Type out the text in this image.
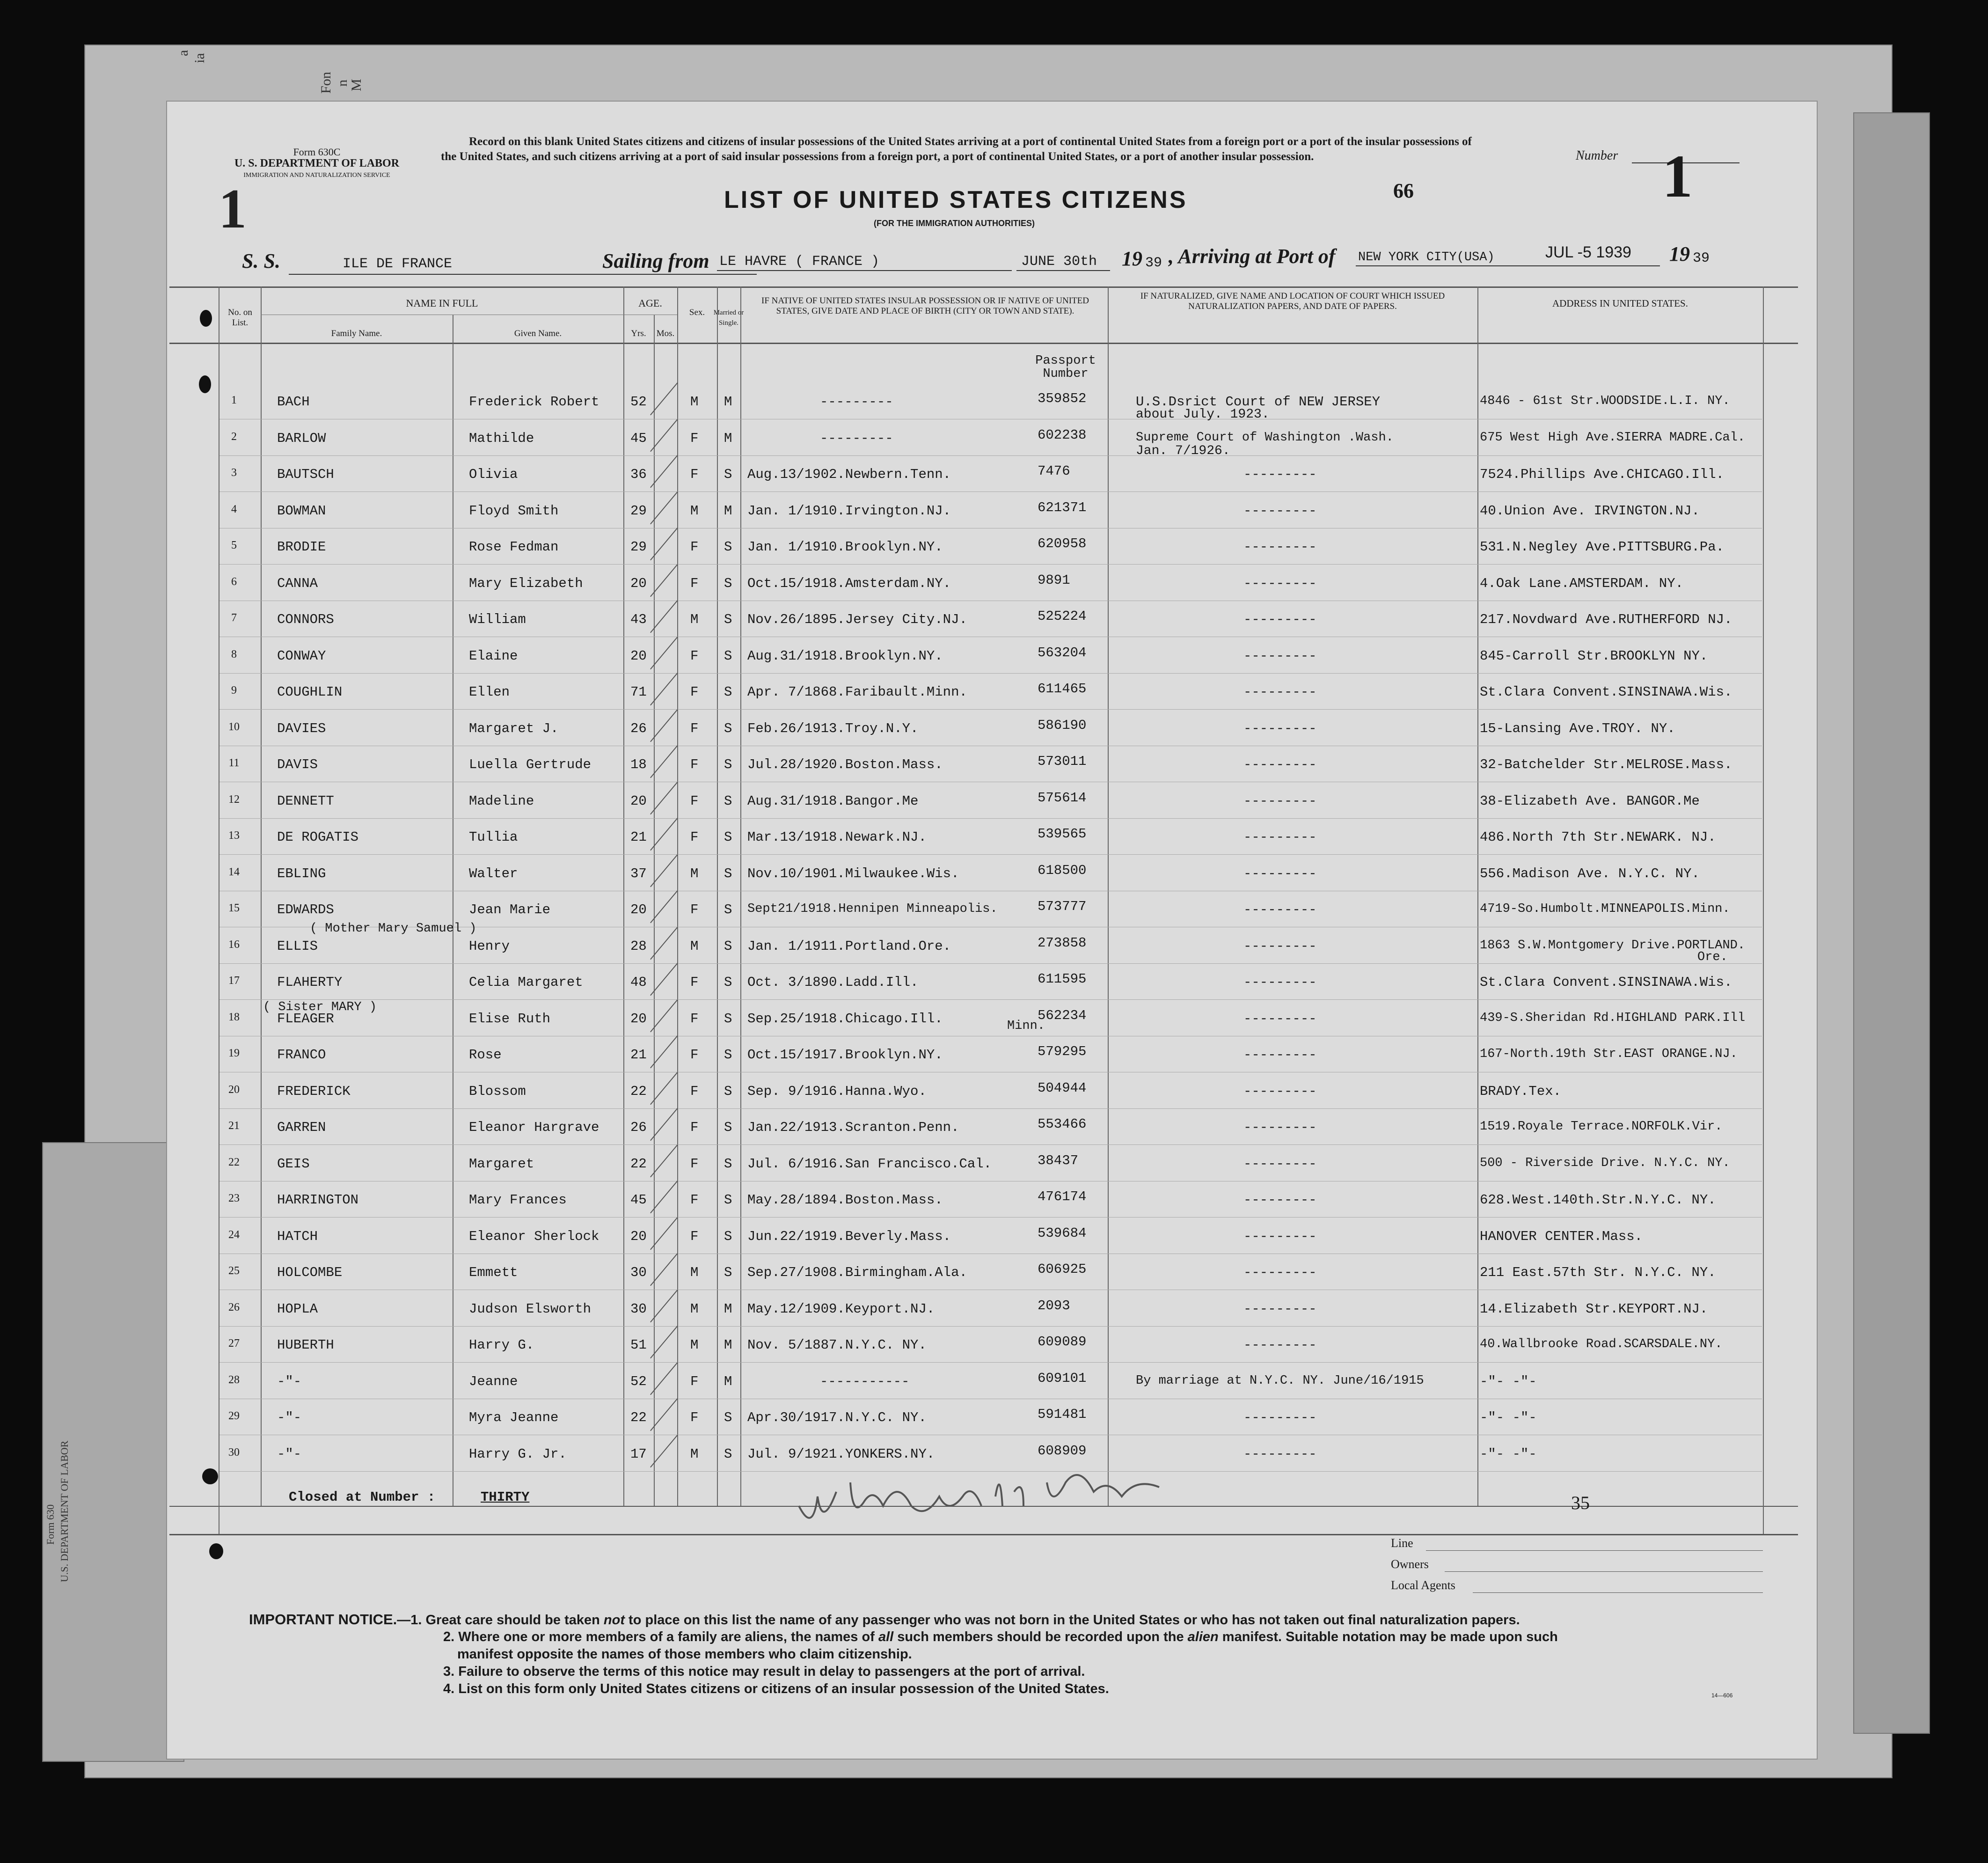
a
ia
Fon n
M
Form 630 U.S. DEPARTMENT OF LABOR
Form 630C
U. S. DEPARTMENT OF LABOR
IMMIGRATION AND NATURALIZATION SERVICE
1
Record on this blank United States citizens and citizens of insular possessions of the United States arriving at a port of continental United States from a foreign port or a port of the insular possessions of the United States, and such citizens arriving at a port of said insular possessions from a foreign port, a port of continental United States, or a port of another insular possession.	Number 1
66
LIST OF UNITED STATES CITIZENS
(FOR THE IMMIGRATION AUTHORITIES)
S. S.	ILE DE FRANCE	Sailing from LE HAVRE ( FRANCE )	JUNE 30th 19 39 , Arriving at Port of NEW YORK CITY(USA)	JUL -5 1939 19 39
No. on List.
NAME IN FULL
Family Name.	Given Name.
AGE.
Yrs.	Mos.
Sex.	Married or Single.
IF NATIVE OF UNITED STATES INSULAR POSSESSION OR IF NATIVE OF UNITED STATES, GIVE DATE AND PLACE OF BIRTH (CITY OR TOWN AND STATE).
IF NATURALIZED, GIVE NAME AND LOCATION OF COURT WHICH ISSUED NATURALIZATION PAPERS, AND DATE OF PAPERS.	ADDRESS IN UNITED STATES.
Passport Number
1	BACH	Frederick Robert 52	M M	---------	359852	U.S.Dsrict Court of NEW JERSEY	4846 - 61st Str.WOODSIDE.L.I. NY.
about July. 1923.
2	BARLOW	Mathilde	45	F M	---------	602238	Supreme Court of Washington .Wash.	675 West High Ave.SIERRA MADRE.Cal.
Jan. 7/1926.
3	BAUTSCH	Olivia	36	F S Aug.13/1902.Newbern.Tenn.	7476	---------	7524.Phillips Ave.CHICAGO.Ill.
4	BOWMAN	Floyd Smith	29	M M Jan. 1/1910.Irvington.NJ.	621371	---------	40.Union Ave. IRVINGTON.NJ.
5	BRODIE	Rose Fedman	29	F S Jan. 1/1910.Brooklyn.NY.	620958	---------	531.N.Negley Ave.PITTSBURG.Pa.
6	CANNA	Mary Elizabeth	20	F S Oct.15/1918.Amsterdam.NY.	9891	---------	4.Oak Lane.AMSTERDAM. NY.
7	CONNORS	William	43	M S Nov.26/1895.Jersey City.NJ.	525224	---------	217.Novdward Ave.RUTHERFORD NJ.
8	CONWAY	Elaine	20	F S Aug.31/1918.Brooklyn.NY.	563204	---------	845-Carroll Str.BROOKLYN NY.
9	COUGHLIN	Ellen	71	F S Apr. 7/1868.Faribault.Minn.	611465	---------	St.Clara Convent.SINSINAWA.Wis.
10	DAVIES	Margaret J.	26	F S Feb.26/1913.Troy.N.Y.	586190	---------	15-Lansing Ave.TROY. NY.
11	DAVIS	Luella Gertrude	18	F S Jul.28/1920.Boston.Mass.	573011	---------	32-Batchelder Str.MELROSE.Mass.
12	DENNETT	Madeline	20	F S Aug.31/1918.Bangor.Me	575614	---------	38-Elizabeth Ave. BANGOR.Me
13	DE ROGATIS	Tullia	21	F S Mar.13/1918.Newark.NJ.	539565	---------	486.North 7th Str.NEWARK. NJ.
14	EBLING	Walter	37	M S Nov.10/1901.Milwaukee.Wis.	618500	---------	556.Madison Ave. N.Y.C. NY.
15	EDWARDS	Jean Marie	20	F S Sept21/1918.Hennipen Minneapolis.	573777	---------	4719-So.Humbolt.MINNEAPOLIS.Minn.
16	ELLIS	Henry	28	M S Jan. 1/1911.Portland.Ore.	273858	---------	1863 S.W.Montgomery Drive.PORTLAND.
Ore.
17	FLAHERTY	Celia Margaret	48	F S Oct. 3/1890.Ladd.Ill.	611595	---------	St.Clara Convent.SINSINAWA.Wis.
18	FLEAGER	Elise Ruth	20	F S Sep.25/1918.Chicago.Ill.	562234	---------	439-S.Sheridan Rd.HIGHLAND PARK.Ill
19	FRANCO	Rose	21	F S Oct.15/1917.Brooklyn.NY.	579295	---------	167-North.19th Str.EAST ORANGE.NJ.
20	FREDERICK	Blossom	22	F S Sep. 9/1916.Hanna.Wyo.	504944	---------	BRADY.Tex.
21	GARREN	Eleanor Hargrave 26	F S Jan.22/1913.Scranton.Penn.	553466	---------	1519.Royale Terrace.NORFOLK.Vir.
22	GEIS	Margaret	22	F S Jul. 6/1916.San Francisco.Cal.	38437	---------	500 - Riverside Drive. N.Y.C. NY.
23	HARRINGTON	Mary Frances	45	F S May.28/1894.Boston.Mass.	476174	---------	628.West.140th.Str.N.Y.C. NY.
24	HATCH	Eleanor Sherlock 20	F S Jun.22/1919.Beverly.Mass.	539684	---------	HANOVER CENTER.Mass.
25	HOLCOMBE	Emmett	30	M S Sep.27/1908.Birmingham.Ala.	606925	---------	211 East.57th Str. N.Y.C. NY.
26	HOPLA	Judson Elsworth	30	M M May.12/1909.Keyport.NJ.	2093	---------	14.Elizabeth Str.KEYPORT.NJ.
27	HUBERTH	Harry G.	51	M M Nov. 5/1887.N.Y.C. NY.	609089	---------	40.Wallbrooke Road.SCARSDALE.NY.
28	-"-	Jeanne	52	F M	-----------	609101	By marriage at N.Y.C. NY. June/16/1915	-"- -"-
29	-"-	Myra Jeanne	22	F S Apr.30/1917.N.Y.C. NY.	591481	---------	-"- -"-
30	-"-	Harry G. Jr.	17	M S Jul. 9/1921.YONKERS.NY.	608909	---------	-"- -"-
( Mother Mary Samuel )
Minn.
( Sister MARY )
Closed at Number :	THIRTY	35
Line
Owners
Local Agents
IMPORTANT NOTICE.—1. Great care should be taken not to place on this list the name of any passenger who was not born in the United States or who has not taken out final naturalization papers.
2. Where one or more members of a family are aliens, the names of all such members should be recorded upon the alien manifest. Suitable notation may be made upon such
manifest opposite the names of those members who claim citizenship.
3. Failure to observe the terms of this notice may result in delay to passengers at the port of arrival.
4. List on this form only United States citizens or citizens of an insular possession of the United States.	14—606
